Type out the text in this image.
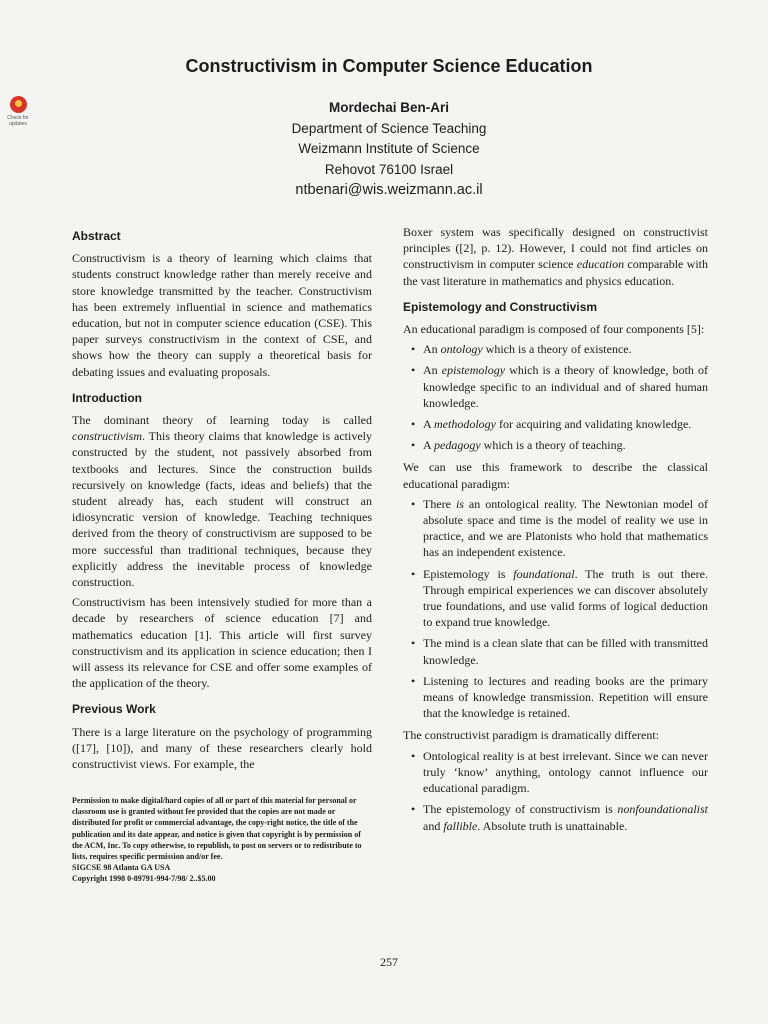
Check for updates
Constructivism in Computer Science Education
Mordechai Ben-Ari
Department of Science Teaching
Weizmann Institute of Science
Rehovot 76100 Israel
ntbenari@wis.weizmann.ac.il
Abstract

Constructivism is a theory of learning which claims that students construct knowledge rather than merely receive and store knowledge transmitted by the teacher. Constructivism has been extremely influential in science and mathematics education, but not in computer science education (CSE). This paper surveys constructivism in the context of CSE, and shows how the theory can supply a theoretical basis for debating issues and evaluating proposals.

Introduction

The dominant theory of learning today is called constructivism. This theory claims that knowledge is actively constructed by the student, not passively absorbed from textbooks and lectures. Since the construction builds recursively on knowledge (facts, ideas and beliefs) that the student already has, each student will construct an idiosyncratic version of knowledge. Teaching techniques derived from the theory of constructivism are supposed to be more successful than traditional techniques, because they explicitly address the inevitable process of knowledge construction.

Constructivism has been intensively studied for more than a decade by researchers of science education [7] and mathematics education [1]. This article will first survey constructivism and its application in science education; then I will assess its relevance for CSE and offer some examples of the application of the theory.

Previous Work

There is a large literature on the psychology of programming ([17], [10]), and many of these researchers clearly hold constructivist views. For example, the

Permission to make digital/hard copies of all or part of this material for personal or classroom use is granted without fee provided that the copies are not made or distributed for profit or commercial advantage, the copy-right notice, the title of the publication and its date appear, and notice is given that copyright is by permission of the ACM, Inc. To copy otherwise, to republish, to post on servers or to redistribute to lists, requires specific permission and/or fee.
SIGCSE 98 Atlanta GA USA
Copyright 1998 0-89791-994-7/98/ 2..$5.00

Boxer system was specifically designed on constructivist principles ([2], p. 12). However, I could not find articles on constructivism in computer science education comparable with the vast literature in mathematics and physics education.

Epistemology and Constructivism

An educational paradigm is composed of four components [5]:

• An ontology which is a theory of existence.
• An epistemology which is a theory of knowledge, both of knowledge specific to an individual and of shared human knowledge.
• A methodology for acquiring and validating knowledge.
• A pedagogy which is a theory of teaching.

We can use this framework to describe the classical educational paradigm:

• There is an ontological reality. The Newtonian model of absolute space and time is the model of reality we use in practice, and we are Platonists who hold that mathematics has an independent existence.
• Epistemology is foundational. The truth is out there. Through empirical experiences we can discover absolutely true foundations, and use valid forms of logical deduction to expand true knowledge.
• The mind is a clean slate that can be filled with transmitted knowledge.
• Listening to lectures and reading books are the primary means of knowledge transmission. Repetition will ensure that the knowledge is retained.

The constructivist paradigm is dramatically different:

• Ontological reality is at best irrelevant. Since we can never truly ‘know’ anything, ontology cannot influence our educational paradigm.
• The epistemology of constructivism is nonfoundationalist and fallible. Absolute truth is unattainable.
257
